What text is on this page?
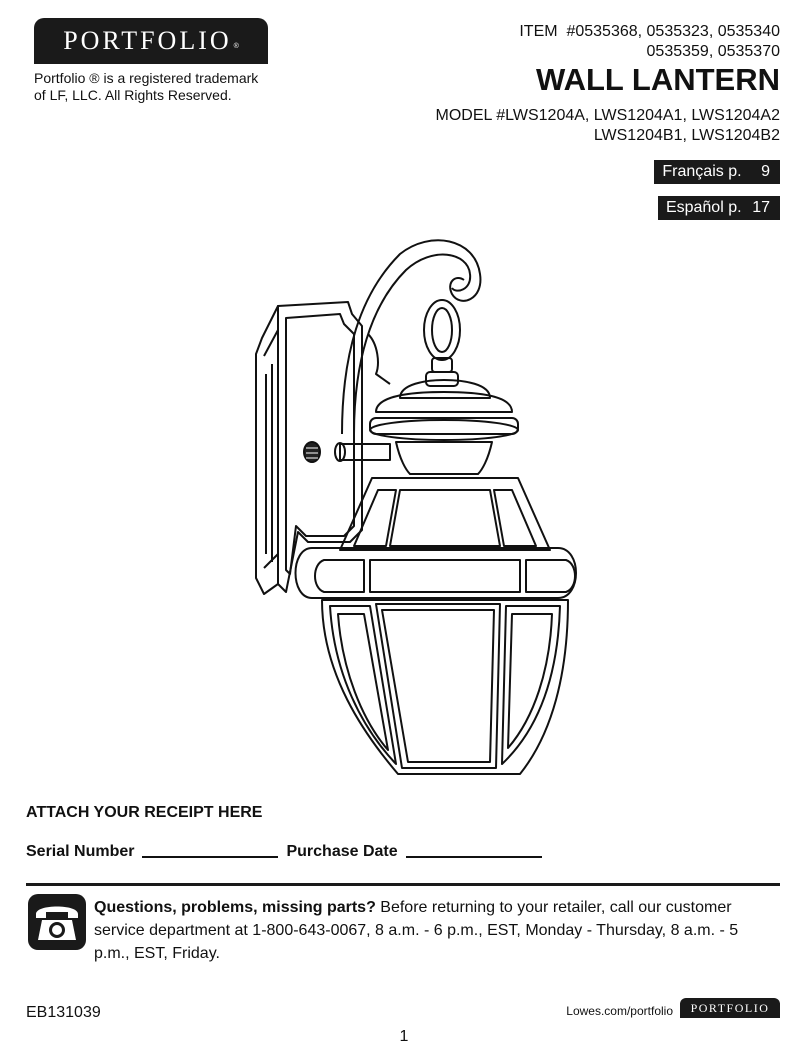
PORTFOLIO ®
Portfolio ® is a registered trademark
of LF, LLC. All Rights Reserved.
ITEM  #0535368, 0535323, 0535340
0535359, 0535370
WALL LANTERN
MODEL #LWS1204A, LWS1204A1, LWS1204A2
LWS1204B1, LWS1204B2
Français p. 9
Español p. 17
ATTACH YOUR RECEIPT HERE
Serial Number	Purchase Date
Questions, problems, missing parts? Before returning to your retailer, call our customer service department at 1-800-643-0067, 8 a.m. - 6 p.m., EST, Monday - Thursday, 8 a.m. - 5 p.m., EST, Friday.
EB131039	Lowes.com/portfolio PORTFOLIO
1
